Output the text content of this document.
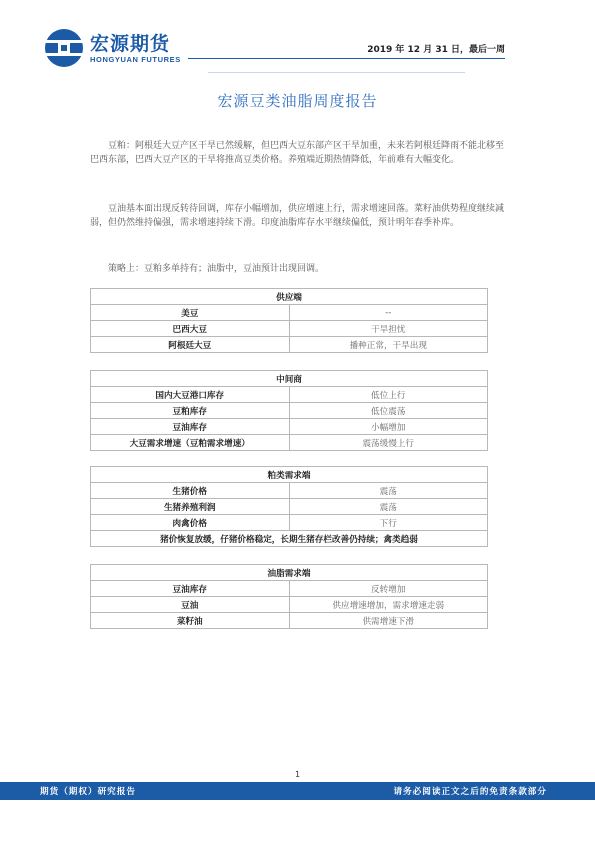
宏源期货
HONGYUAN FUTURES
2019 年 12 月 31 日，最后一周
宏源豆类油脂周度报告

豆粕：阿根廷大豆产区干旱已然缓解，但巴西大豆东部产区干旱加重，未来若阿根廷降雨不能北移至巴西东部，巴西大豆产区的干旱将推高豆类价格。养殖端近期热情降低，年前难有大幅变化。

豆油基本面出现反转待回调，库存小幅增加，供应增速上行，需求增速回落。菜籽油供势程度继续减弱，但仍然维持偏强，需求增速持续下滑。印度油脂库存水平继续偏低，预计明年春季补库。

策略上：豆粕多单持有；油脂中，豆油预计出现回调。

供应端	
美豆	--
巴西大豆	干旱担忧
阿根廷大豆	播种正常，干旱出现
中间商	
国内大豆港口库存	低位上行
豆粕库存	低位震荡
豆油库存	小幅增加
大豆需求增速（豆粕需求增速）	震荡缓慢上行
粕类需求端	
生猪价格	震荡
生猪养殖利润	震荡
肉禽价格	下行
猪价恢复放缓，仔猪价格稳定，长期生猪存栏改善仍持续；禽类趋弱	
油脂需求端	
豆油库存	反转增加
豆油	供应增速增加，需求增速走弱
菜籽油	供需增速下滑
1
期货（期权）研究报告	请务必阅读正文之后的免责条款部分
